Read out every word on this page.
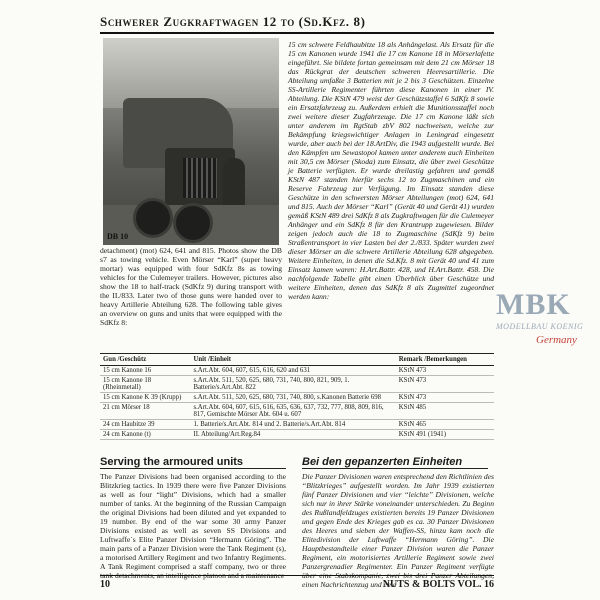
Schwerer Zugkraftwagen 12 to (Sd.Kfz. 8)
DB 10
detachment) (mot) 624, 641 and 815. Photos show the DB s7 as towing vehicle. Even Mörser “Karl” (super heavy mortar) was equipped with four SdKfz 8s as towing vehicles for the Culemeyer trailers. However, pictures also show the 18 to half-track (SdKfz 9) during transport with the II./833. Later two of those guns were handed over to heavy Artillerie Abteilung 628. The following table gives an overview on guns and units that were equipped with the SdKfz 8:
15 cm schwere Feldhaubitze 18 als Anhängelast. Als Ersatz für die 15 cm Kanonen wurde 1941 die 17 cm Kanone 18 in Mörserlafette eingeführt. Sie bildete fortan gemeinsam mit dem 21 cm Mörser 18 das Rückgrat der deutschen schweren Heeresartillerie. Die Abteilung umfaßte 3 Batterien mit je 2 bis 3 Geschützen. Einzelne SS-Artillerie Regimenter führten diese Kanonen in einer IV. Abteilung. Die KStN 479 weist der Geschützstaffel 6 SdKfz 8 sowie ein Ersatzfahrzeug zu. Außerdem erhielt die Munitionsstaffel noch zwei weitere dieser Zugfahrzeuge. Die 17 cm Kanone läßt sich unter anderem im RgtStab zbV 802 nachweisen, welche zur Bekämpfung kriegswichtiger Anlagen in Leningrad eingesetzt wurde, aber auch bei der 18.ArtDiv, die 1943 aufgestellt wurde. Bei den Kämpfen um Sewastopol kamen unter anderem auch Einheiten mit 30,5 cm Mörser (Skoda) zum Einsatz, die über zwei Geschütze je Batterie verfügten. Er wurde dreilastig gefahren und gemäß KStN 487 standen hierfür sechs 12 to Zugmaschinen und ein Reserve Fahrzeug zur Verfügung. Im Einsatz standen diese Geschütze in den schwersten Mörser Abteilungen (mot) 624, 641 und 815. Auch der Mörser “Karl” (Gerät 40 und Gerät 41) wurden gemäß KStN 489 drei SdKfz 8 als Zugkraftwagen für die Culemeyer Anhänger und ein SdKfz 8 für den Krantrupp zugewiesen. Bilder zeigen jedoch auch die 18 to Zugmaschine (SdKfz 9) beim Straßentransport in vier Lasten bei der 2./833. Später wurden zwei dieser Mörser an die schwere Artillerie Abteilung 628 abgegeben. Weitere Einheiten, in denen die Sd.Kfz. 8 mit Gerät 40 und 41 zum Einsatz kamen waren: H.Art.Battr. 428, und H.Art.Battr. 458. Die nachfolgende Tabelle gibt einen Überblick über Geschütze und weitere Einheiten, denen das SdKfz 8 als Zugmittel zugeordnet werden kann:
Gun /Geschütz	Unit /Einheit	Remark /Bemerkungen
15 cm Kanone 16	s.Art.Abt. 604, 607, 615, 616, 620 and 631	KStN 473
15 cm Kanone 18 (Rheinmetall)	s.Art.Abt. 511, 520, 625, 680, 731, 740, 800, 821, 909, 1. Batterie/s.Art.Abt. 822	KStN 473
15 cm Kanone K 39 (Krupp)	s.Art.Abt. 511, 520, 625, 680, 731, 740, 800, s.Kanonen Batterie 698	KStN 473
21 cm Mörser 18	s.Art.Abt. 604, 607, 615, 616, 635, 636, 637, 732, 777, 808, 809, 816, 817, Gemischte Mörser Abt. 604 u. 607	KStN 485
24 cm Haubitze 39	1. Batterie/s.Art.Abt. 814 und 2. Batterie/s.Art.Abt. 814	KStN 465
24 cm Kanone (t)	II. Abteilung/Art.Reg.84	KStN 491 (1941)
Serving the armoured units
The Panzer Divisions had been organised according to the Blitzkrieg tactics. In 1939 there were five Panzer Divisions as well as four “light” Divisions, which had a smaller number of tanks. At the beginning of the Russian Campaign the original Divisions had been diluted and yet expanded to 19 number. By end of the war some 30 army Panzer Divisions existed as well as seven SS Divisions and Luftwaffe´s Elite Panzer Division “Hermann Göring”. The main parts of a Panzer Division were the Tank Regiment (s), a motorised Artillery Regiment and two Infantry Regiments. A Tank Regiment comprised a staff company, two or three tank detachments, an intelligence platoon and a maintenance
Bei den gepanzerten Einheiten
Die Panzer Divisionen waren entsprechend den Richtlinien des “Blitzkrieges” aufgestellt worden. Im Jahr 1939 existierten fünf Panzer Divisionen und vier “leichte” Divisionen, welche sich nur in ihrer Stärke voneinander unterschieden. Zu Beginn des Rußlandfeldzuges existierten bereits 19 Panzer Divisionen und gegen Ende des Krieges gab es ca. 30 Panzer Divisionen des Heeres und sieben der Waffen-SS, hinzu kam noch die Elitedivision der Luftwaffe “Hermann Göring”. Die Hauptbestandteile einer Panzer Division waren die Panzer Regiment, ein motorisiertes Artillerie Regiment sowie zwei Panzergrenadier Regimenter. Ein Panzer Regiment verfügte über eine Stabskompanie, zwei bis drei Panzer Abteilungen, einen Nachrichtenzug und eine
MBK
MODELLBAU KOENIG
Germany
10	NUTS & BOLTS VOL. 16
